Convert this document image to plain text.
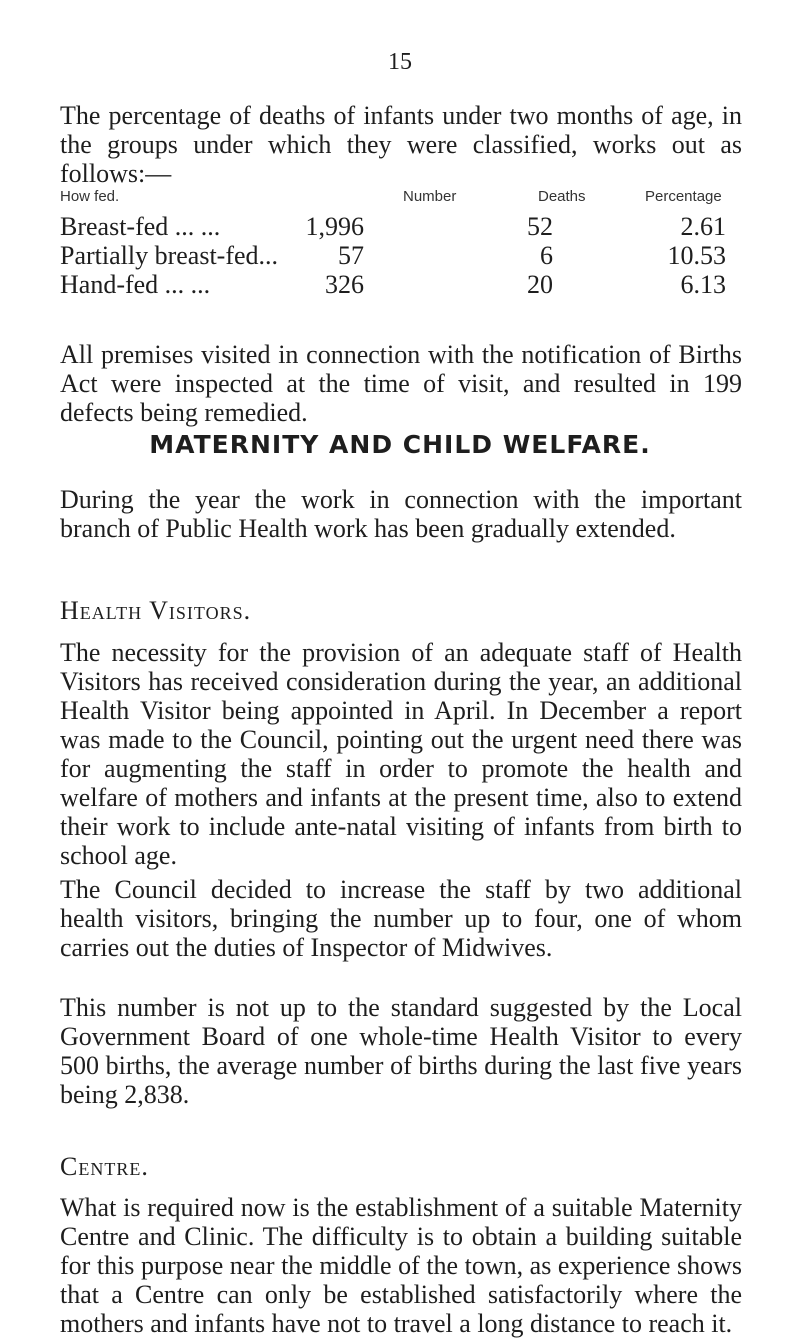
15

The percentage of deaths of infants under two months of age, in the groups under which they were classified, works out as follows:—

How fed.	Number	Deaths	Percentage
Breast-fed ... ...	1,996	52	2.61
Partially breast-fed... 57	6	10.53
Hand-fed ... ...	326	20	6.13

All premises visited in connection with the notification of Births Act were inspected at the time of visit, and resulted in 199 defects being remedied.

MATERNITY AND CHILD WELFARE.

During the year the work in connection with the important branch of Public Health work has been gradually extended.

Health Visitors.

The necessity for the provision of an adequate staff of Health Visitors has received consideration during the year, an additional Health Visitor being appointed in April. In December a report was made to the Council, pointing out the urgent need there was for augmenting the staff in order to promote the health and welfare of mothers and infants at the present time, also to extend their work to include ante-natal visiting of infants from birth to school age.

The Council decided to increase the staff by two additional health visitors, bringing the number up to four, one of whom carries out the duties of Inspector of Midwives.

This number is not up to the standard suggested by the Local Government Board of one whole-time Health Visitor to every 500 births, the average number of births during the last five years being 2,838.

Centre.

What is required now is the establishment of a suitable Maternity Centre and Clinic. The difficulty is to obtain a building suitable for this purpose near the middle of the town, as experience shows that a Centre can only be established satisfactorily where the mothers and infants have not to travel a long distance to reach it.
